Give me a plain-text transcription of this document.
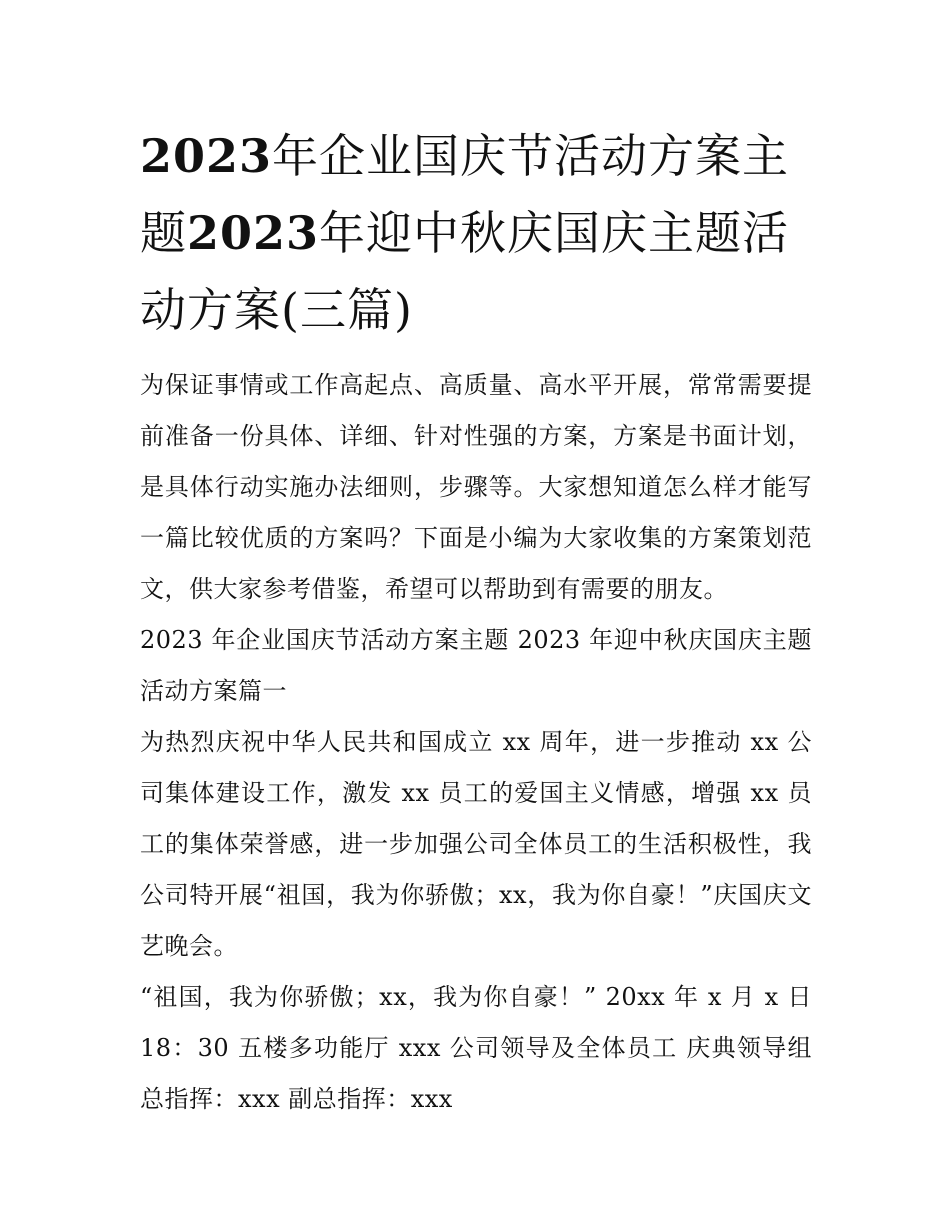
2023年企业国庆节活动方案主题2023年迎中秋庆国庆主题活动方案(三篇)

为保证事情或工作高起点、高质量、高水平开展，常常需要提前准备一份具体、详细、针对性强的方案，方案是书面计划，是具体行动实施办法细则，步骤等。大家想知道怎么样才能写一篇比较优质的方案吗？下面是小编为大家收集的方案策划范文，供大家参考借鉴，希望可以帮助到有需要的朋友。

2023 年企业国庆节活动方案主题 2023 年迎中秋庆国庆主题活动方案篇一

为热烈庆祝中华人民共和国成立 xx 周年，进一步推动 xx 公司集体建设工作，激发 xx 员工的爱国主义情感，增强 xx 员工的集体荣誉感，进一步加强公司全体员工的生活积极性，我公司特开展“祖国，我为你骄傲；xx，我为你自豪！”庆国庆文艺晚会。

“祖国，我为你骄傲；xx，我为你自豪！” 20xx 年 x 月 x 日 18：30 五楼多功能厅 xxx 公司领导及全体员工 庆典领导组 总指挥：xxx 副总指挥：xxx
